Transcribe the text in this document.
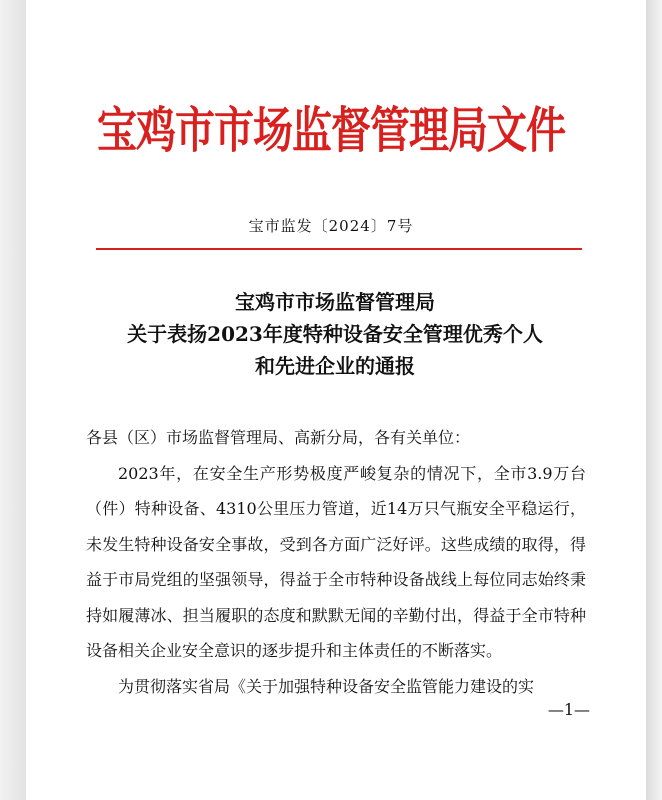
宝鸡市市场监督管理局文件
宝市监发〔2024〕7号
宝鸡市市场监督管理局
关于表扬2023年度特种设备安全管理优秀个人
和先进企业的通报

各县（区）市场监督管理局、高新分局，各有关单位：

2023年，在安全生产形势极度严峻复杂的情况下，全市3.9万台（件）特种设备、4310公里压力管道，近14万只气瓶安全平稳运行，未发生特种设备安全事故，受到各方面广泛好评。这些成绩的取得，得益于市局党组的坚强领导，得益于全市特种设备战线上每位同志始终秉持如履薄冰、担当履职的态度和默默无闻的辛勤付出，得益于全市特种设备相关企业安全意识的逐步提升和主体责任的不断落实。

为贯彻落实省局《关于加强特种设备安全监管能力建设的实

—1—
